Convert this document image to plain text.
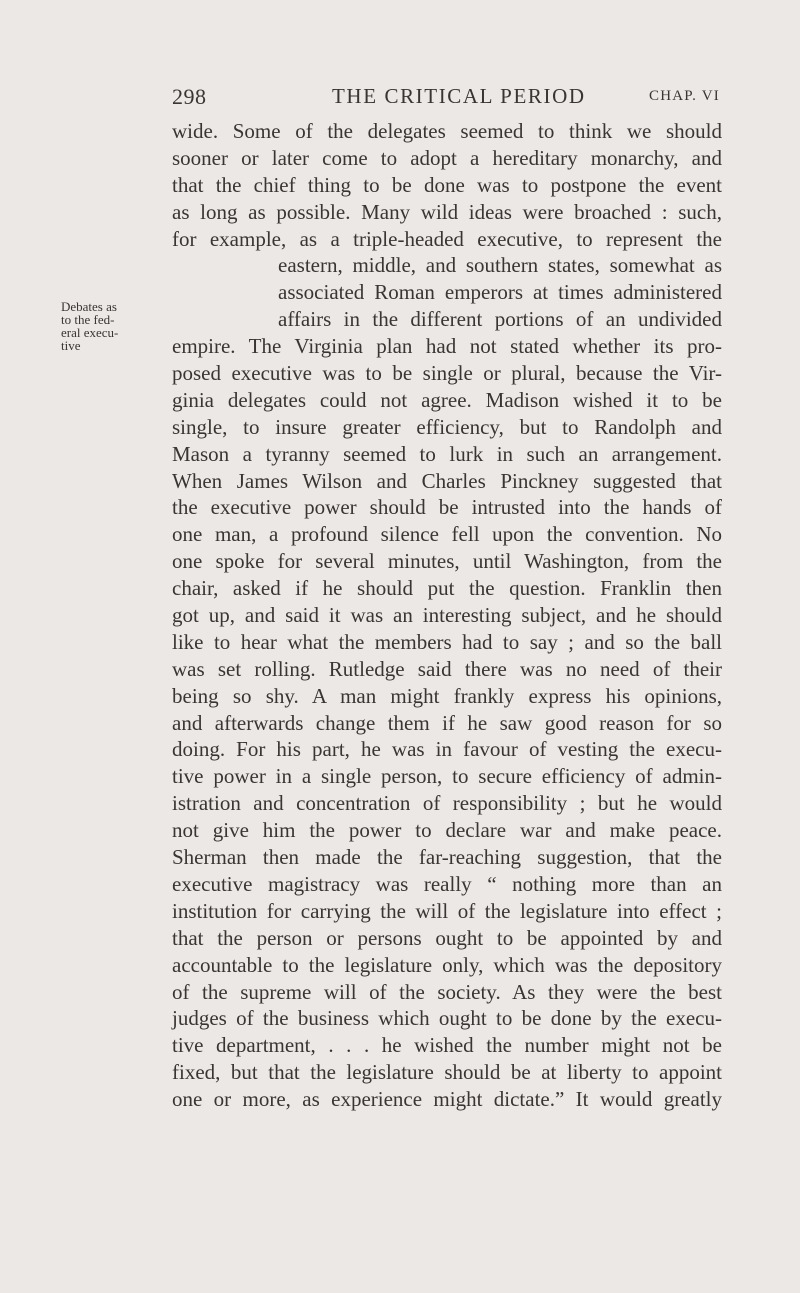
298	THE CRITICAL PERIOD	CHAP. VI
Debates as
to the fed-
eral execu-
tive
wide. Some of the delegates seemed to think we should
sooner or later come to adopt a hereditary monarchy, and
that the chief thing to be done was to postpone the event
as long as possible. Many wild ideas were broached : such,
for example, as a triple-headed executive, to represent the
eastern, middle, and southern states, somewhat as
associated Roman emperors at times administered
affairs in the different portions of an undivided
empire. The Virginia plan had not stated whether its pro-
posed executive was to be single or plural, because the Vir-
ginia delegates could not agree. Madison wished it to be
single, to insure greater efficiency, but to Randolph and
Mason a tyranny seemed to lurk in such an arrangement.
When James Wilson and Charles Pinckney suggested that
the executive power should be intrusted into the hands of
one man, a profound silence fell upon the convention. No
one spoke for several minutes, until Washington, from the
chair, asked if he should put the question. Franklin then
got up, and said it was an interesting subject, and he should
like to hear what the members had to say ; and so the ball
was set rolling. Rutledge said there was no need of their
being so shy. A man might frankly express his opinions,
and afterwards change them if he saw good reason for so
doing. For his part, he was in favour of vesting the execu-
tive power in a single person, to secure efficiency of admin-
istration and concentration of responsibility ; but he would
not give him the power to declare war and make peace.
Sherman then made the far-reaching suggestion, that the
executive magistracy was really “ nothing more than an
institution for carrying the will of the legislature into effect ;
that the person or persons ought to be appointed by and
accountable to the legislature only, which was the depository
of the supreme will of the society. As they were the best
judges of the business which ought to be done by the execu-
tive department, . . . he wished the number might not be
fixed, but that the legislature should be at liberty to appoint
one or more, as experience might dictate.” It would greatly
